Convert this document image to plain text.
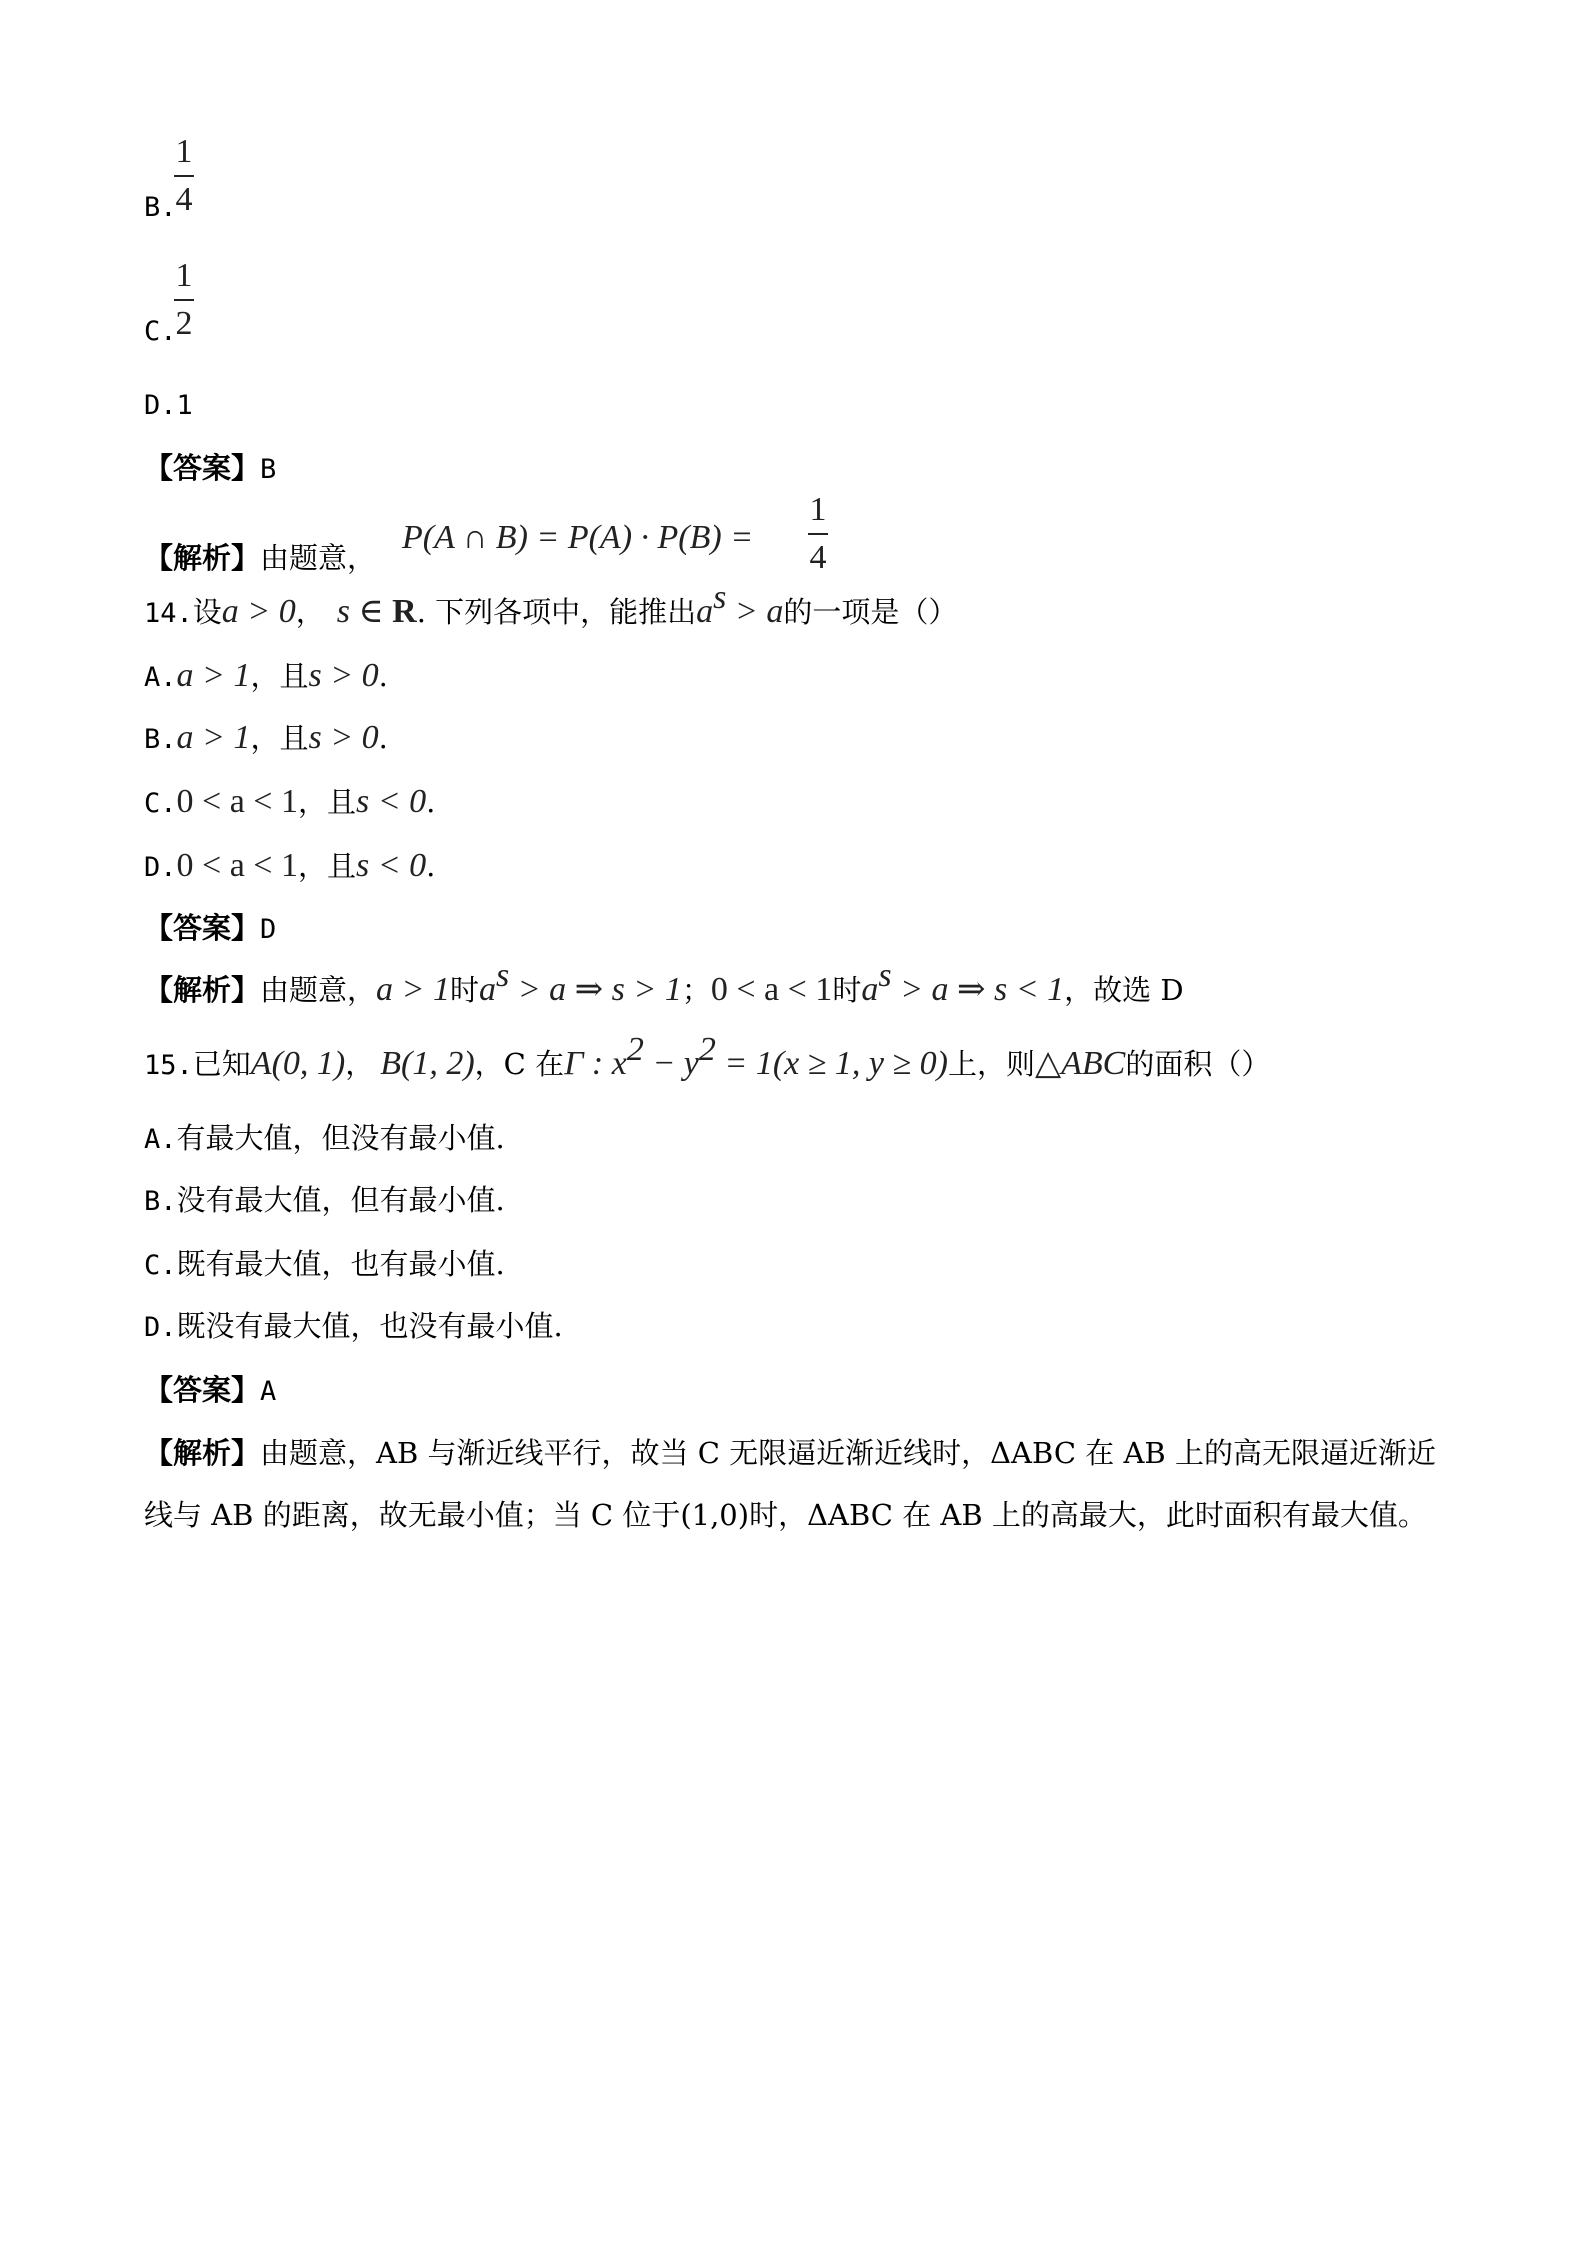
1
4
B.
1
2
C.
D.1
【答案】B
【解析】由题意，
P(A ∩ B) = P(A) · P(B) =
1
4
14.设a > 0， s ∈ R. 下列各项中，能推出$a^s > a$的一项是（）
A.a > 1，且s > 0.
B.a > 1，且s > 0.
C.0 < a < 1，且s < 0.
D.0 < a < 1，且s < 0.
【答案】D
【解析】由题意，a > 1时$a^s > a$ ⇒ s > 1；0 < a < 1时$a^s > a$ ⇒ s < 1，故选 D
15.已知A(0, 1)， B(1, 2)，C 在Γ : $x^2 - y^2 = 1(x \ge 1$, y ≥ 0)上，则△ABC的面积（）
A.有最大值，但没有最小值.
B.没有最大值，但有最小值.
C.既有最大值，也有最小值.
D.既没有最大值，也没有最小值.
【答案】A
【解析】由题意，AB 与渐近线平行，故当 C 无限逼近渐近线时，ΔABC 在 AB 上的高无限逼近渐近线与 AB 的距离，故无最小值；当 C 位于(1,0)时，ΔABC 在 AB 上的高最大，此时面积有最大值。
